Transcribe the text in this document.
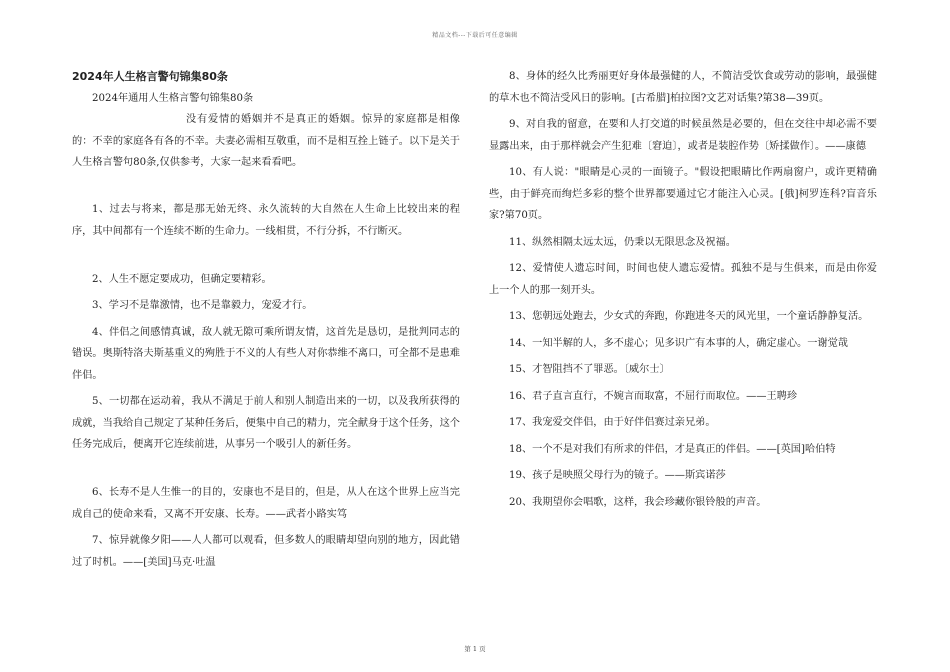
精品文档---下载后可任意编辑

2024年人生格言警句锦集80条

2024年通用人生格言警句锦集80条

没有爱情的婚姻并不是真正的婚姻。惊异的家庭都是相像的：不幸的家庭各有各的不幸。夫妻必需相互敬重，而不是相互拴上链子。以下是关于人生格言警句80条,仅供参考，大家一起来看看吧。

1、过去与将来，都是那无始无终、永久流转的大自然在人生命上比较出来的程序，其中间都有一个连续不断的生命力。一线相贯，不行分拆，不行断灭。

2、人生不愿定要成功，但确定要精彩。

3、学习不是靠激情，也不是靠毅力，宠爱才行。

4、伴侣之间感情真诚，敌人就无隙可乘所谓友情，这首先是恳切，是批判同志的错误。奥斯特洛夫斯基重义的殉胜于不义的人有些人对你恭维不离口，可全都不是患难伴侣。

5、一切都在运动着，我从不满足于前人和别人制造出来的一切，以及我所获得的成就，当我给自己规定了某种任务后，便集中自己的精力，完全献身于这个任务，这个任务完成后，便离开它连续前进，从事另一个吸引人的新任务。

6、长寿不是人生惟一的目的，安康也不是目的，但是，从人在这个世界上应当完成自己的使命来看，又离不开安康、长寿。——武者小路实笃

7、惊异就像夕阳——人人都可以观看，但多数人的眼睛却望向别的地方，因此错过了时机。——[美国]马克·吐温

8、身体的经久比秀丽更好身体最强健的人，不简洁受饮食或劳动的影响，最强健的草木也不简洁受风日的影响。[古希腊]柏拉图?文艺对话集?第38—39页。

9、对自我的留意，在要和人打交道的时候虽然是必要的，但在交往中却必需不要显露出来，由于那样就会产生犯难〔窘迫〕，或者是装腔作势〔矫揉做作〕。——康德

10、有人说："眼睛是心灵的一面镜子。"假设把眼睛比作两扇窗户，或许更精确　　　　　些，由于鲜亮而绚烂多彩的整个世界都要通过它才能注入心灵。[俄]柯罗连科?盲音乐家?第70页。

11、纵然相隔太远太远，仍秉以无限思念及祝福。

12、爱情使人遗忘时间，时间也使人遗忘爱情。孤独不是与生俱来，而是由你爱上一个人的那一刻开头。

13、您朝远处跑去，少女式的奔跑，你跑进冬天的风光里，一个童话静静复活。

14、一知半解的人，多不虚心；见多识广有本事的人，确定虚心。一谢觉哉

15、才智阻挡不了罪恶。〔威尔士〕

16、君子直言直行，不婉言而取富，不屈行而取位。——王聘珍

17、我宠爱交伴侣，由于好伴侣赛过亲兄弟。

18、一个不是对我们有所求的伴侣，才是真正的伴侣。——[英国]哈伯特

19、孩子是映照父母行为的镜子。——斯宾诺莎

20、我期望你会唱歌，这样，我会珍藏你银铃般的声音。

第 1 页
